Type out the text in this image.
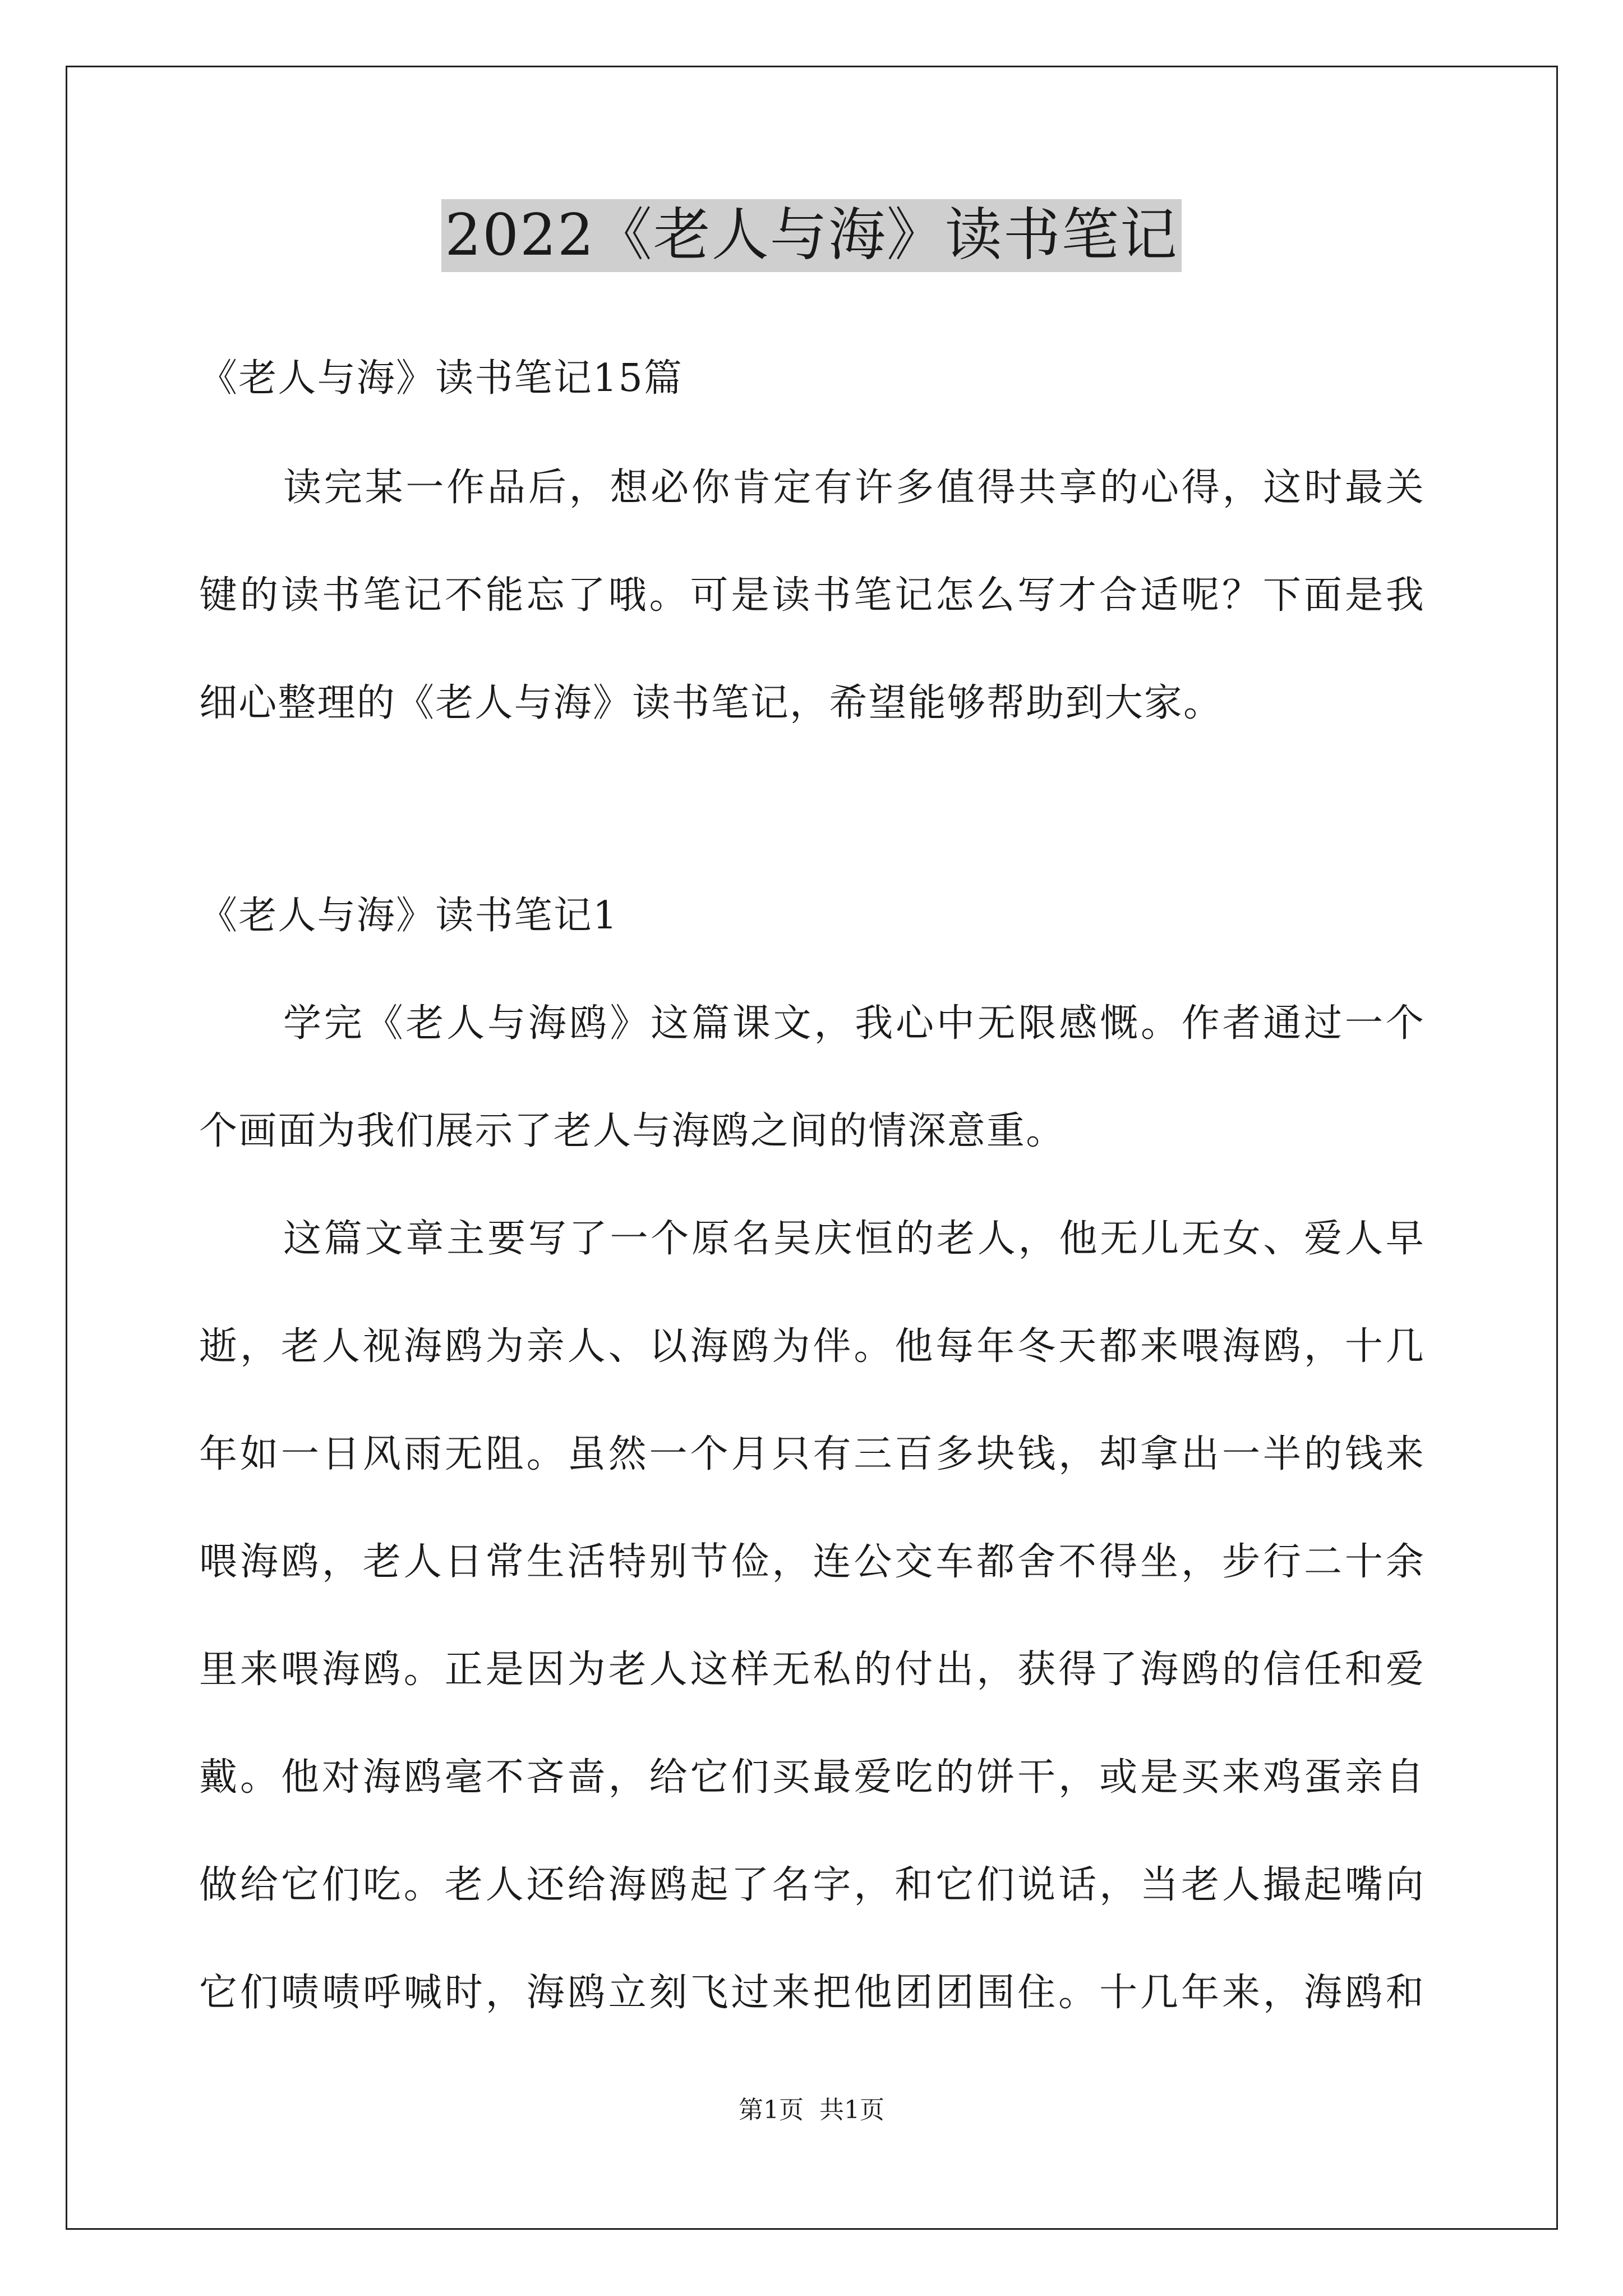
2022《老人与海》读书笔记
《老人与海》读书笔记15篇
读完某一作品后，想必你肯定有许多值得共享的心得，这时最关
键的读书笔记不能忘了哦。可是读书笔记怎么写才合适呢？下面是我
细心整理的《老人与海》读书笔记，希望能够帮助到大家。
《老人与海》读书笔记1
学完《老人与海鸥》这篇课文，我心中无限感慨。作者通过一个
个画面为我们展示了老人与海鸥之间的情深意重。
这篇文章主要写了一个原名吴庆恒的老人，他无儿无女、爱人早
逝，老人视海鸥为亲人、以海鸥为伴。他每年冬天都来喂海鸥，十几
年如一日风雨无阻。虽然一个月只有三百多块钱，却拿出一半的钱来
喂海鸥，老人日常生活特别节俭，连公交车都舍不得坐，步行二十余
里来喂海鸥。正是因为老人这样无私的付出，获得了海鸥的信任和爱
戴。他对海鸥毫不吝啬，给它们买最爱吃的饼干，或是买来鸡蛋亲自
做给它们吃。老人还给海鸥起了名字，和它们说话，当老人撮起嘴向
它们啧啧呼喊时，海鸥立刻飞过来把他团团围住。十几年来，海鸥和
第1页 共1页
